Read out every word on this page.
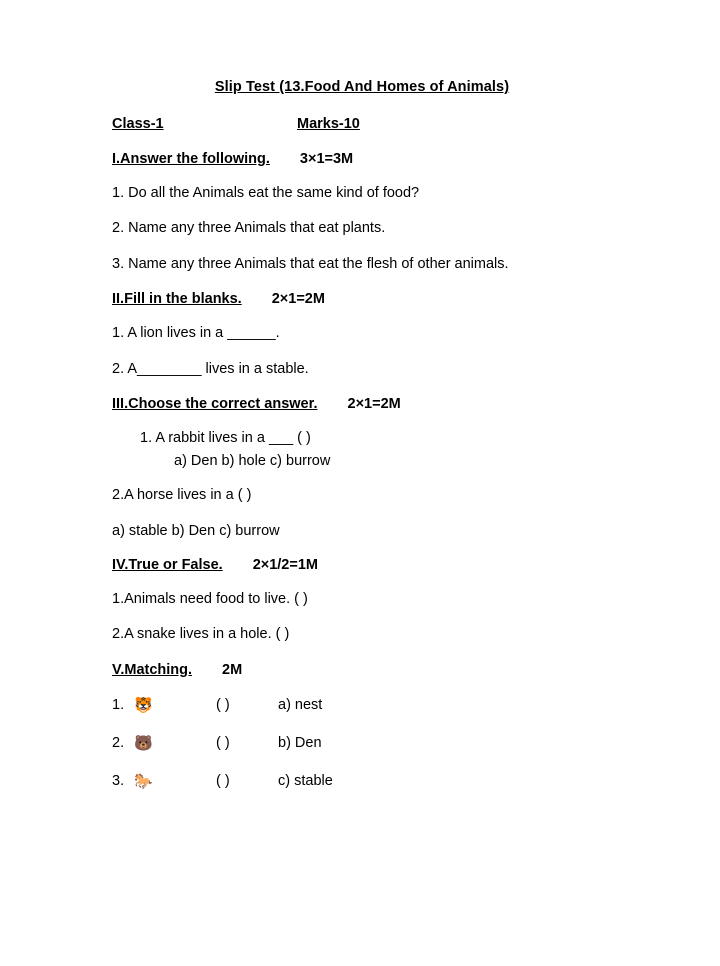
Slip Test (13.Food And Homes of Animals)
Class-1	Marks-10
I.Answer the following. 3×1=3M
1. Do all the Animals eat the same kind of food?
2. Name any three Animals that eat plants.
3. Name any three Animals that eat the flesh of other animals.
II.Fill in the blanks. 2×1=2M
1. A lion lives in a ______.
2. A________ lives in a stable.
III.Choose the correct answer. 2×1=2M
1. A rabbit lives in a ___ ( )
a) Den b) hole c) burrow
2.A horse lives in a ( )
a) stable b) Den c) burrow
IV.True or False. 2×1/2=1M
1.Animals need food to live. ( )
2.A snake lives in a hole. ( )
V.Matching. 2M
1. 🐯	( )	a) nest
2. 🐻	( )	b) Den
3. 🐎	( )	c) stable
